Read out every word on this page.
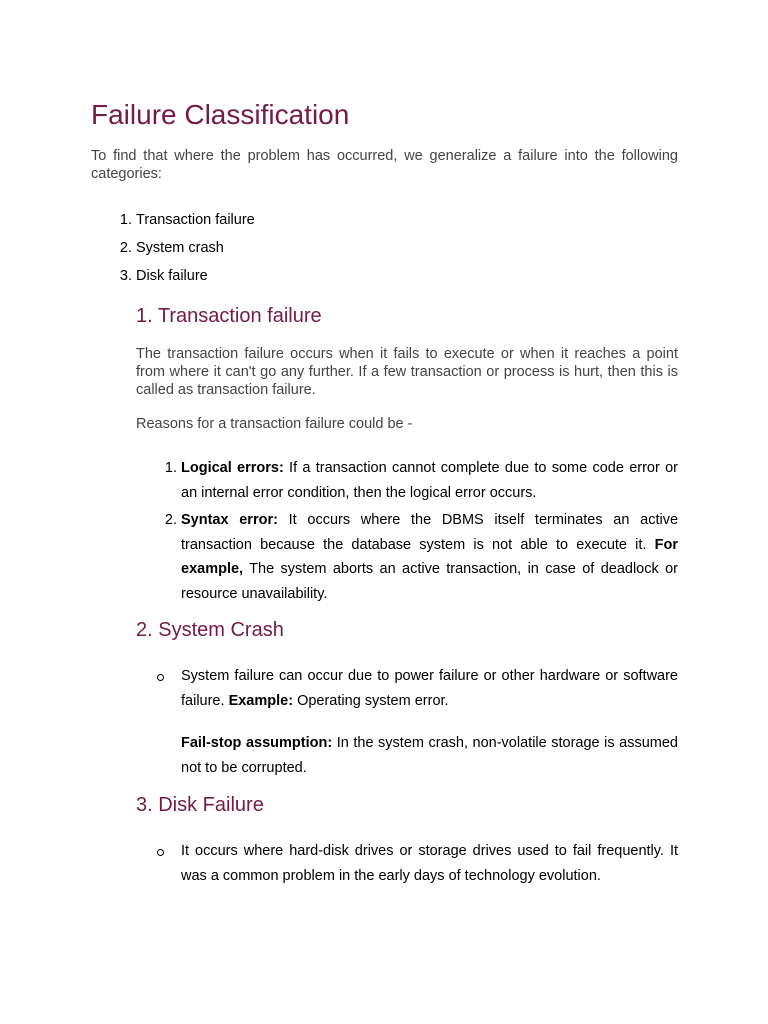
Failure Classification

To find that where the problem has occurred, we generalize a failure into the following categories:

1. Transaction failure
2. System crash
3. Disk failure
1. Transaction failure

The transaction failure occurs when it fails to execute or when it reaches a point from where it can't go any further. If a few transaction or process is hurt, then this is called as transaction failure.

Reasons for a transaction failure could be -

1. Logical errors: If a transaction cannot complete due to some code error or an internal error condition, then the logical error occurs.
2. Syntax error: It occurs where the DBMS itself terminates an active transaction because the database system is not able to execute it. For example, The system aborts an active transaction, in case of deadlock or resource unavailability.
2. System Crash
System failure can occur due to power failure or other hardware or software failure. Example: Operating system error.

Fail-stop assumption: In the system crash, non-volatile storage is assumed not to be corrupted.

3. Disk Failure
It occurs where hard-disk drives or storage drives used to fail frequently. It was a common problem in the early days of technology evolution.
